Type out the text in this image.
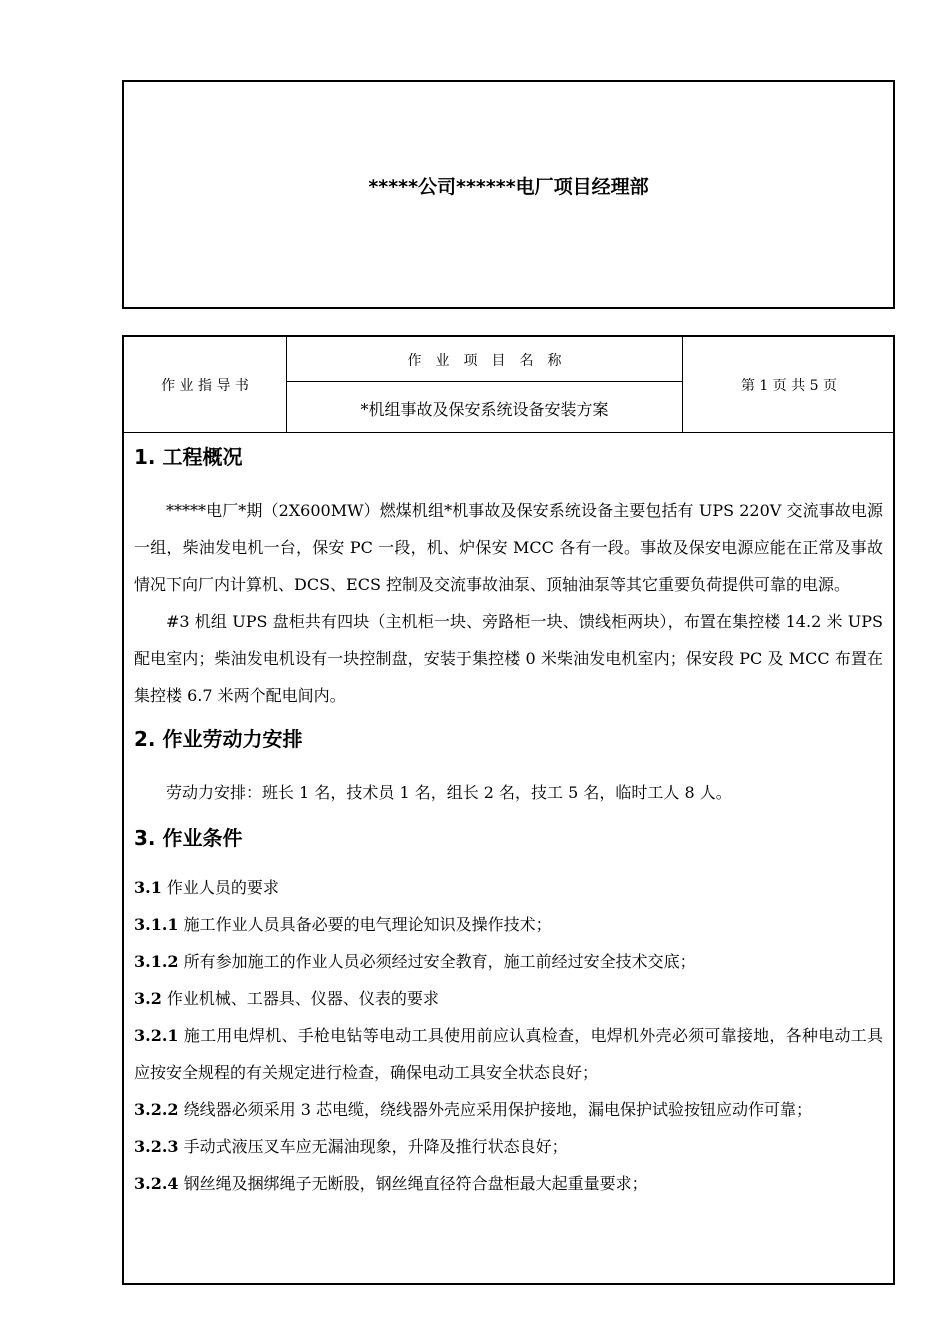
*****公司******电厂项目经理部
作 业 指 导 书
作　业　项　目　名　称
*机组事故及保安系统设备安装方案
第 1 页 共 5 页
1. 工程概况

*****电厂*期（2X600MW）燃煤机组*机事故及保安系统设备主要包括有 UPS 220V 交流事故电源一组，柴油发电机一台，保安 PC 一段，机、炉保安 MCC 各有一段。事故及保安电源应能在正常及事故情况下向厂内计算机、DCS、ECS 控制及交流事故油泵、顶轴油泵等其它重要负荷提供可靠的电源。

#3 机组 UPS 盘柜共有四块（主机柜一块、旁路柜一块、馈线柜两块），布置在集控楼 14.2 米 UPS 配电室内；柴油发电机设有一块控制盘，安装于集控楼 0 米柴油发电机室内；保安段 PC 及 MCC 布置在集控楼 6.7 米两个配电间内。

2. 作业劳动力安排

劳动力安排：班长 1 名，技术员 1 名，组长 2 名，技工 5 名，临时工人 8 人。

3. 作业条件

3.1 作业人员的要求

3.1.1 施工作业人员具备必要的电气理论知识及操作技术；

3.1.2 所有参加施工的作业人员必须经过安全教育，施工前经过安全技术交底；

3.2 作业机械、工器具、仪器、仪表的要求

3.2.1 施工用电焊机、手枪电钻等电动工具使用前应认真检查，电焊机外壳必须可靠接地，各种电动工具应按安全规程的有关规定进行检查，确保电动工具安全状态良好；

3.2.2 绕线器必须采用 3 芯电缆，绕线器外壳应采用保护接地，漏电保护试验按钮应动作可靠；

3.2.3 手动式液压叉车应无漏油现象，升降及推行状态良好；

3.2.4 钢丝绳及捆绑绳子无断股，钢丝绳直径符合盘柜最大起重量要求；
